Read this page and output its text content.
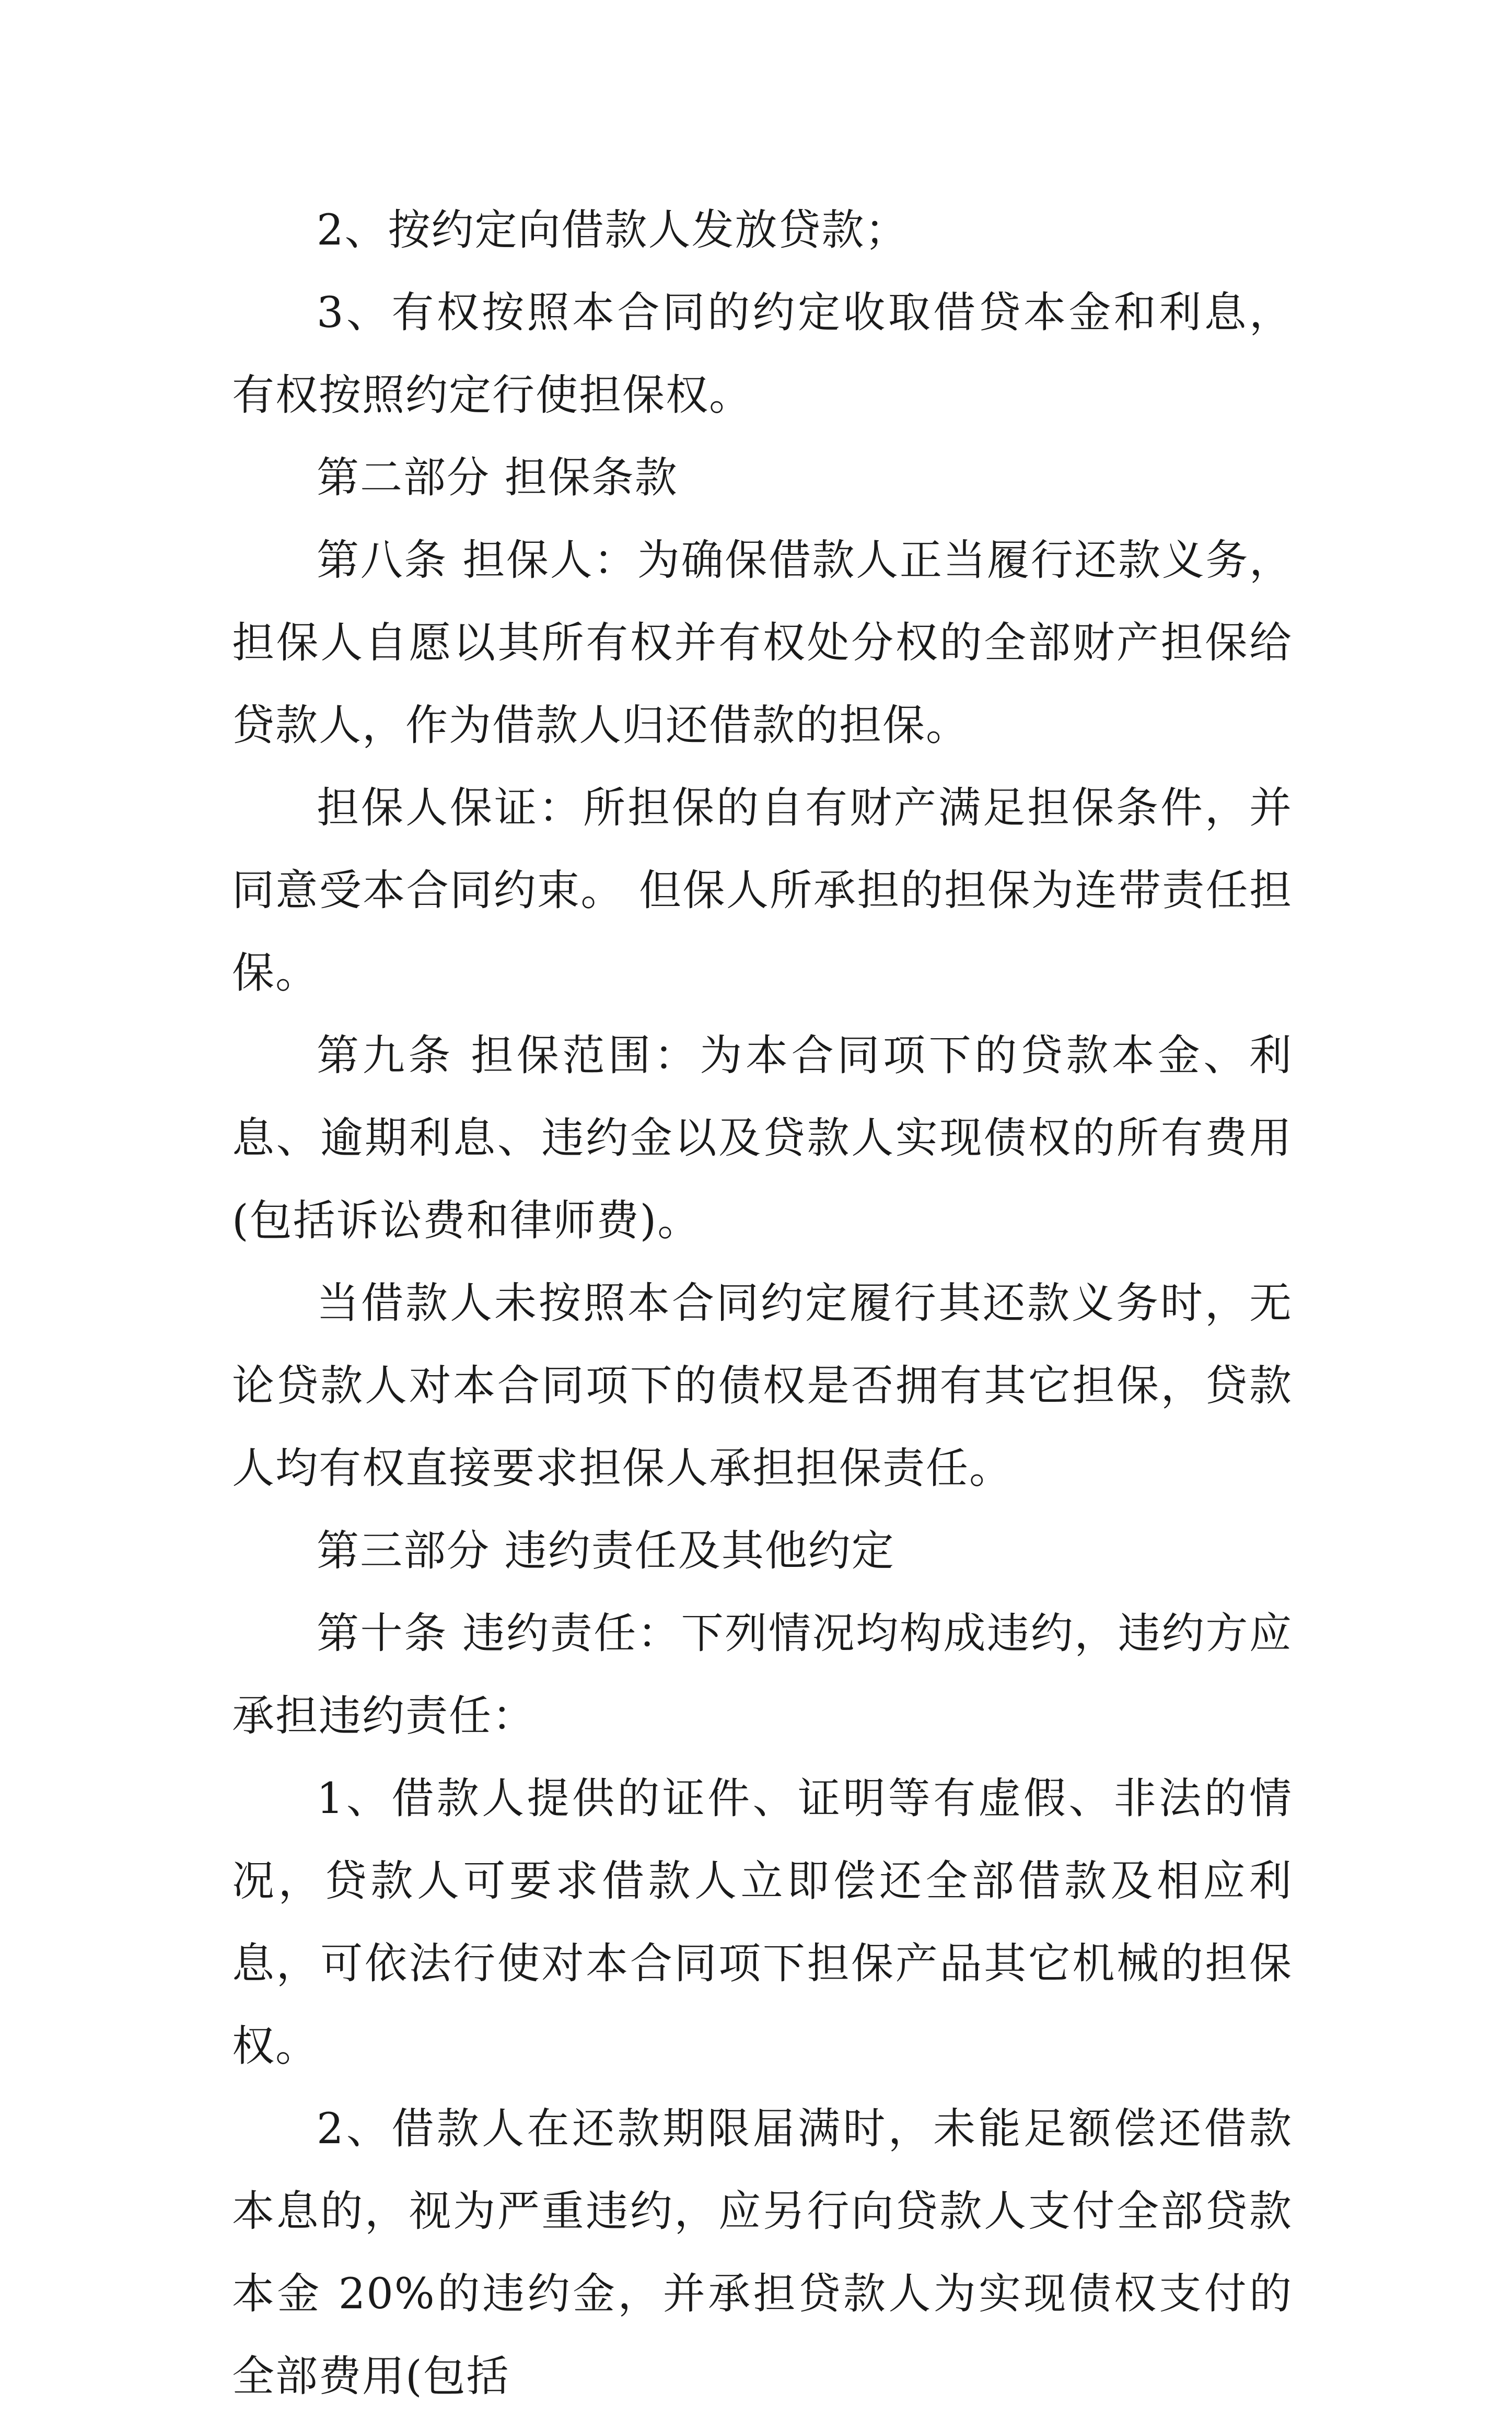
2、按约定向借款人发放贷款；

3、有权按照本合同的约定收取借贷本金和利息，有权按照约定行使担保权。

第二部分 担保条款

第八条 担保人：为确保借款人正当履行还款义务，担保人自愿以其所有权并有权处分权的全部财产担保给贷款人，作为借款人归还借款的担保。

担保人保证：所担保的自有财产满足担保条件，并同意受本合同约束。 但保人所承担的担保为连带责任担保。

第九条 担保范围：为本合同项下的贷款本金、利息、逾期利息、违约金以及贷款人实现债权的所有费用(包括诉讼费和律师费)。

当借款人未按照本合同约定履行其还款义务时，无论贷款人对本合同项下的债权是否拥有其它担保，贷款人均有权直接要求担保人承担担保责任。

第三部分 违约责任及其他约定

第十条 违约责任：下列情况均构成违约，违约方应承担违约责任：

1、借款人提供的证件、证明等有虚假、非法的情况，贷款人可要求借款人立即偿还全部借款及相应利息，可依法行使对本合同项下担保产品其它机械的担保权。

2、借款人在还款期限届满时，未能足额偿还借款本息的，视为严重违约，应另行向贷款人支付全部贷款本金 20%的违约金，并承担贷款人为实现债权支付的全部费用(包括
